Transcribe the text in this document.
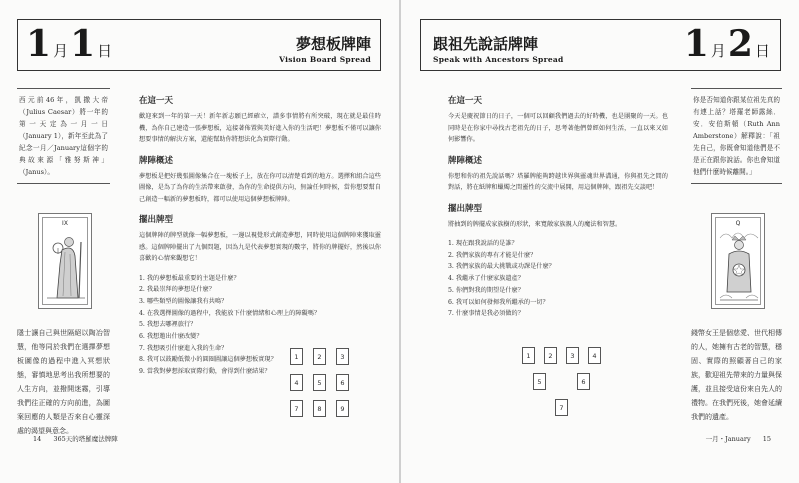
1 月1 日	夢想板牌陣
Vision Board Spread
西元前46年，凱撒大帝（Julius Caesar）將一年的第一天定為一月一日（January 1），新年至此為了紀念一月／January這個字的典故來源「雅努斯神」（Janus）。
IX
隱士讓自己與世隔絕以陶冶智慧，他等同於我們在選擇夢想板圖像的過程中進入冥想狀態，審慎地思考出我所想要的人生方向，並撥開迷霧，引導我們往正確的方向前進，為圖案回應的人類是否來自心靈深處的渴望與意念。
在這一天

歡迎來到一年的第一天！新年新志願已經確立，譜多事情將有所突破，現在就是最佳時機，為你自己建造一張夢想板，這接著佈置與美好進入你的生活吧！夢想板不僅可以讓你想要事情的解決方案，還能幫助你將想法化為實際行動。

牌陣概述

夢想板是把好幾張圖像集合在一塊板子上，放在你可以清楚看到的地方。選擇和組合這些圖像，是為了為你的生活帶來啟發，為你的生命提供方向，無論任何時候，當你想要幫自己創造一幅新的夢想板時，都可以使用這個夢想板牌陣。

擺出牌型

這個牌陣的牌型就像一幅夢想板，一邊以視覺形式創造夢想，同時使用這個牌陣來獲取靈感。這個牌陣擺出了九個問題，因為九是代表夢想實現的數字，將你的牌擺好，然後以你喜歡的心情來觀想它！

1. 我的夢想板最重要的主題是什麼？
2. 我最崇拜的夢想是什麼？
3. 哪些類型的圖像讓我有共鳴？
4. 在我選擇圖像的過程中，我能放下什麼情緒和心理上的障礙嗎？
5. 我想去哪裡旅行？
6. 我想邀出什麼改變？
7. 我想吸引什麼進入我的生命？
8. 我可以鼓勵低微小的圓圈圖讓這個夢想板實現？
9. 當我對夢想採取實際行動，會得到什麼結果？
1	2	3
4	5	6
7	8	9
14 365天的塔羅魔法牌陣
跟祖先說話牌陣
Speak with Ancestors Spread	1 月2 日
在這一天

今天是慶祝節日的日子，一個可以回顧我們過去的好時機，也是團聚的一天。也同時是在你家中尋找古老祖先的日子，思考著他們曾經如何生活，一直以來又如何影響你。

牌陣概述

你想和你的祖先說話嗎？塔羅牌能夠跨越世界與靈魂世界溝通，你與祖先之間的對話，將在紙牌和蠟燭之間靈性的交流中展開，用這個牌陣，跟祖先交談吧！

擺出牌型

將抽到的牌擺成家族樹的形狀，來寬敞家族親人的魔法和智慧。

1. 現在跟我說話的是誰？
2. 我們家族的專有才能是什麼？
3. 我們家族的最大挑戰或功課是什麼？
4. 我繼承了什麼家族遺產？
5. 你們對我的期望是什麼？
6. 我可以如何發揮我所繼承的一切？
7. 什麼事情是我必須做的？
1	2	3	4
5	6
7
你是否知道你跟某位祖先真的有連上話？塔羅老師露絲．安．安伯斯頓（Ruth Ann Amberstone）解釋說：「祖先自己，你既會知道他們是不是正在跟你說話。你也會知道他們什麼時候離開。」
Q
錢幣女王是個慈愛、世代相傳的人，她擁有古老的智慧，穩固、實際的照顧著自己的家族，歡迎祖先帶來的力量與保護，並且接受這份來自先人的禮物。在我們死後，她會延續我們的遺產。
一月・January 15
